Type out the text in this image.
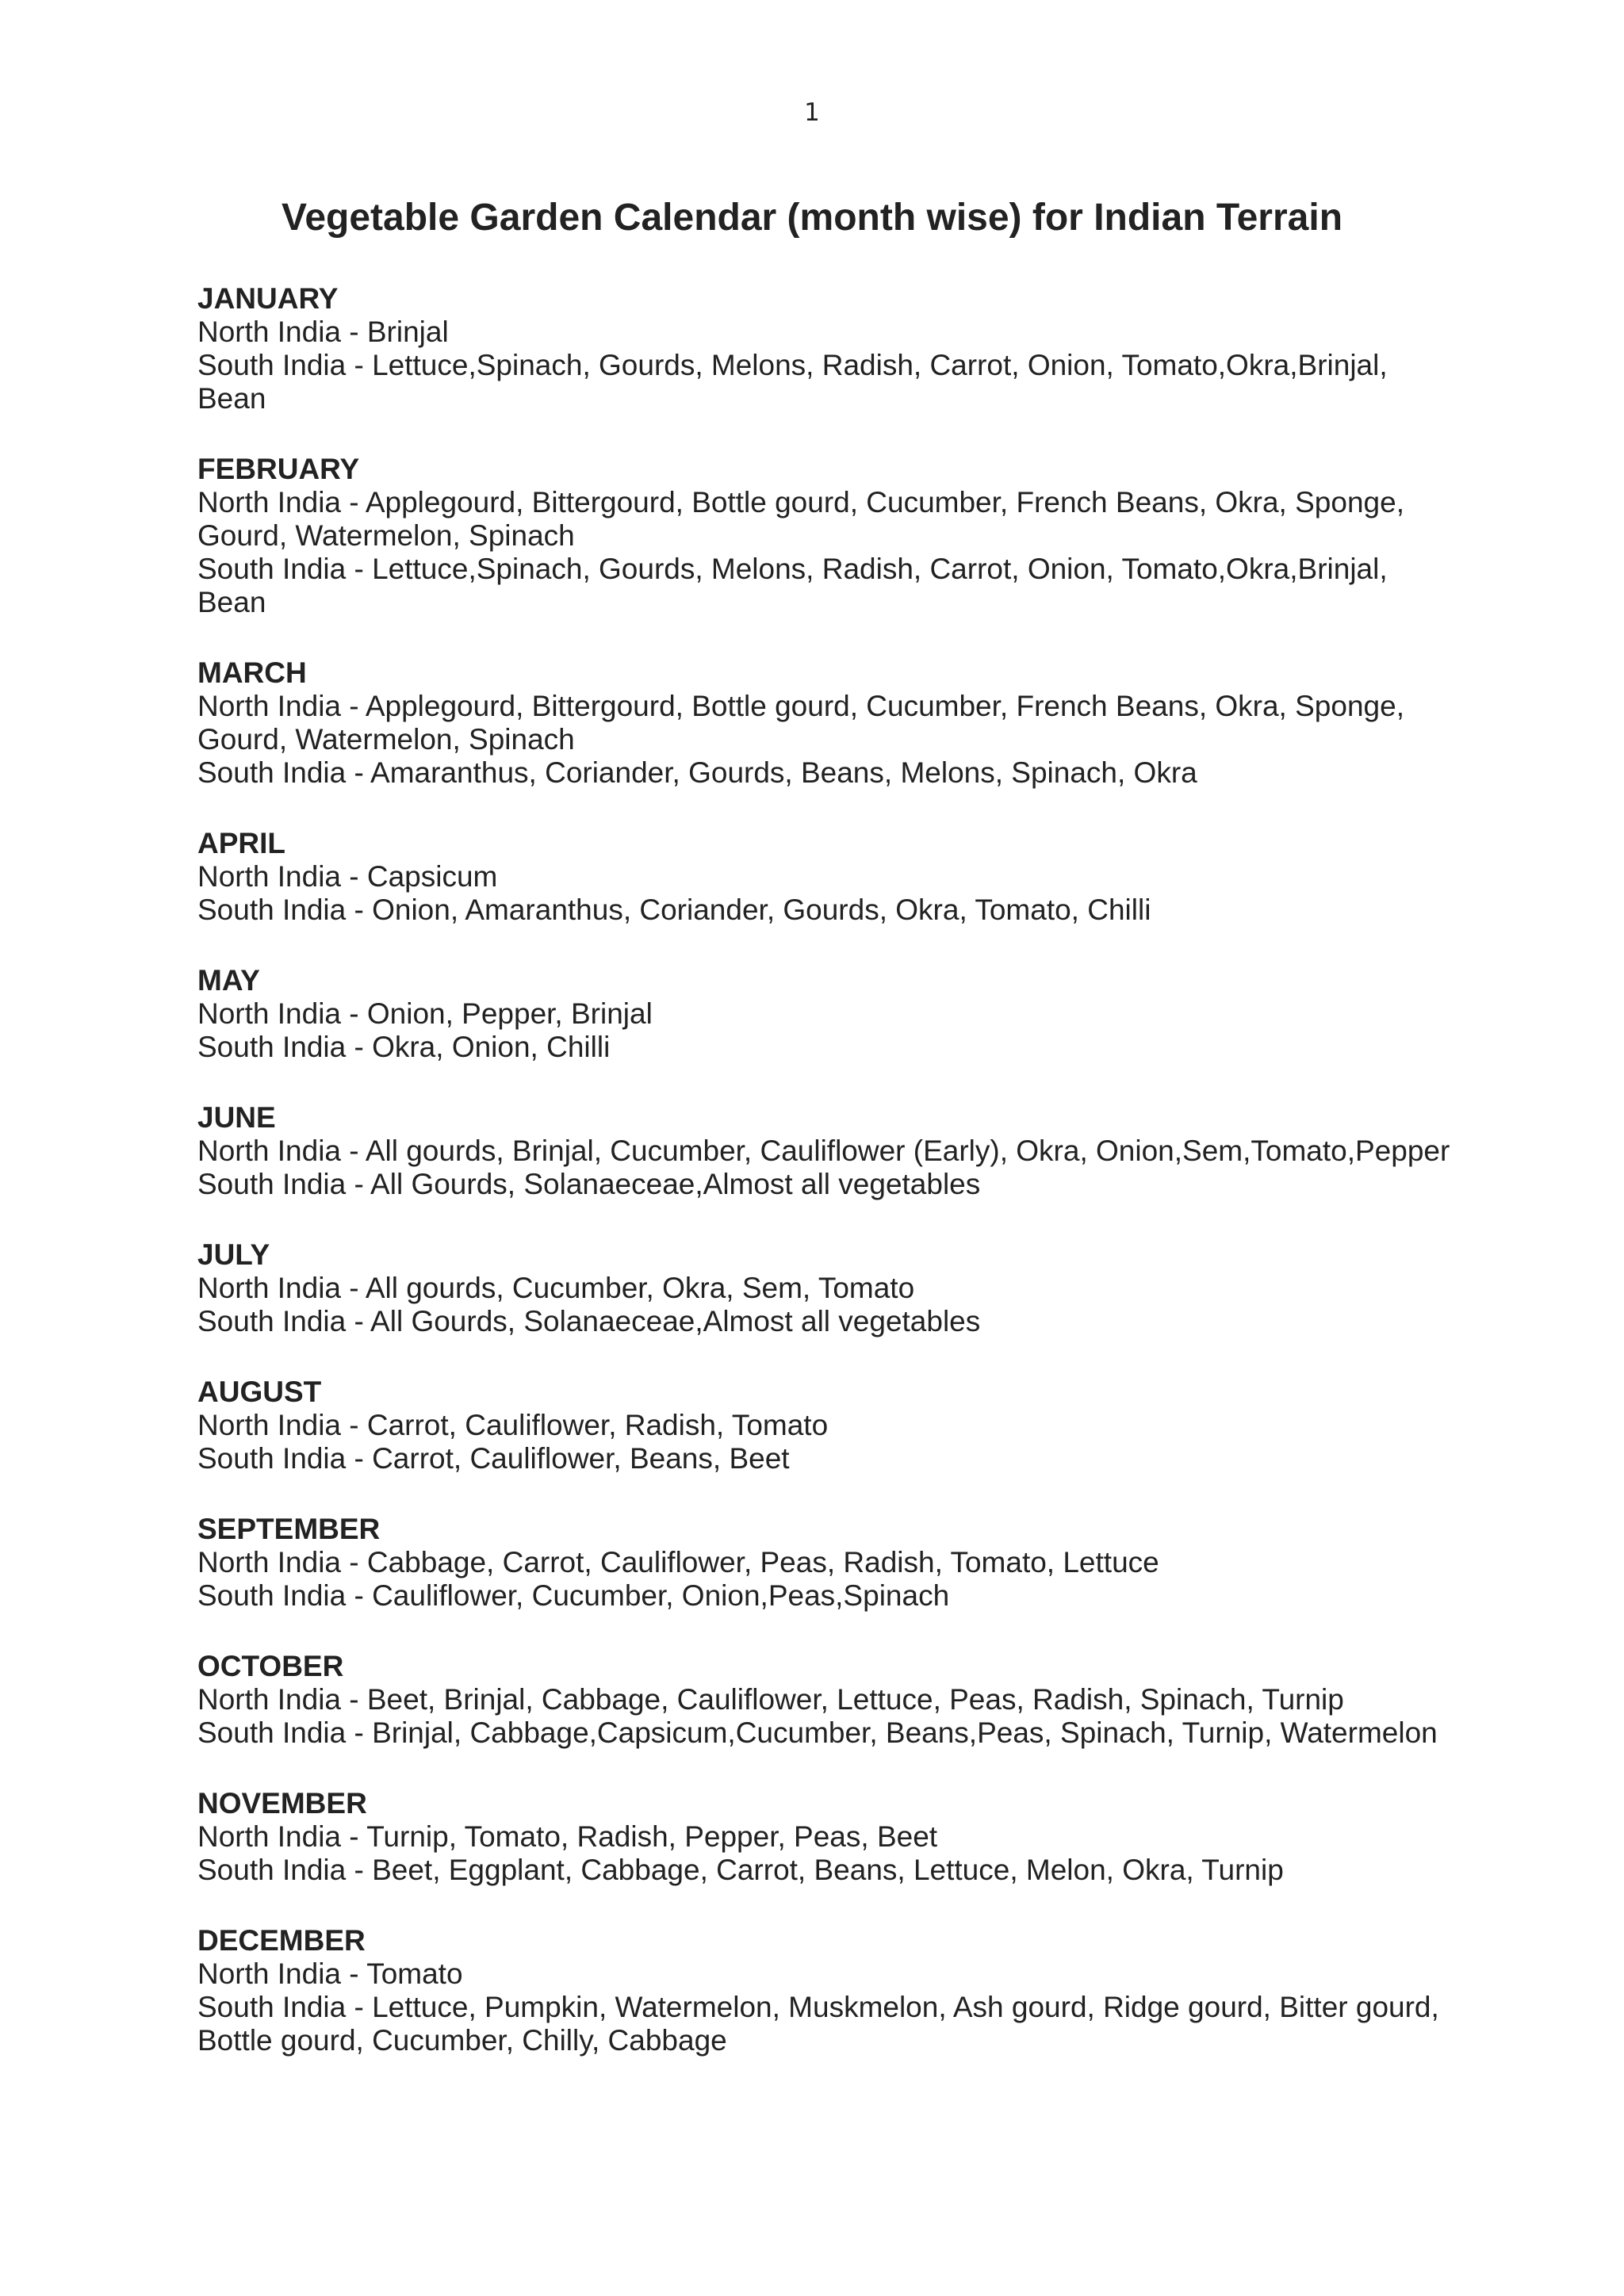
1
Vegetable Garden Calendar (month wise) for Indian Terrain
JANUARY
North India - Brinjal
South India - Lettuce,Spinach, Gourds, Melons, Radish, Carrot, Onion, Tomato,Okra,Brinjal,
Bean
FEBRUARY
North India - Applegourd, Bittergourd, Bottle gourd, Cucumber, French Beans, Okra, Sponge,
Gourd, Watermelon, Spinach
South India - Lettuce,Spinach, Gourds, Melons, Radish, Carrot, Onion, Tomato,Okra,Brinjal,
Bean
MARCH
North India - Applegourd, Bittergourd, Bottle gourd, Cucumber, French Beans, Okra, Sponge,
Gourd, Watermelon, Spinach
South India - Amaranthus, Coriander, Gourds, Beans, Melons, Spinach, Okra
APRIL
North India - Capsicum
South India - Onion, Amaranthus, Coriander, Gourds, Okra, Tomato, Chilli
MAY
North India - Onion, Pepper, Brinjal
South India - Okra, Onion, Chilli
JUNE
North India - All gourds, Brinjal, Cucumber, Cauliflower (Early), Okra, Onion,Sem,Tomato,Pepper
South India - All Gourds, Solanaeceae,Almost all vegetables
JULY
North India - All gourds, Cucumber, Okra, Sem, Tomato
South India - All Gourds, Solanaeceae,Almost all vegetables
AUGUST
North India - Carrot, Cauliflower, Radish, Tomato
South India - Carrot, Cauliflower, Beans, Beet
SEPTEMBER
North India - Cabbage, Carrot, Cauliflower, Peas, Radish, Tomato, Lettuce
South India - Cauliflower, Cucumber, Onion,Peas,Spinach
OCTOBER
North India - Beet, Brinjal, Cabbage, Cauliflower, Lettuce, Peas, Radish, Spinach, Turnip
South India - Brinjal, Cabbage,Capsicum,Cucumber, Beans,Peas, Spinach, Turnip, Watermelon
NOVEMBER
North India - Turnip, Tomato, Radish, Pepper, Peas, Beet
South India - Beet, Eggplant, Cabbage, Carrot, Beans, Lettuce, Melon, Okra, Turnip
DECEMBER
North India - Tomato
South India - Lettuce, Pumpkin, Watermelon, Muskmelon, Ash gourd, Ridge gourd, Bitter gourd,
Bottle gourd, Cucumber, Chilly, Cabbage
